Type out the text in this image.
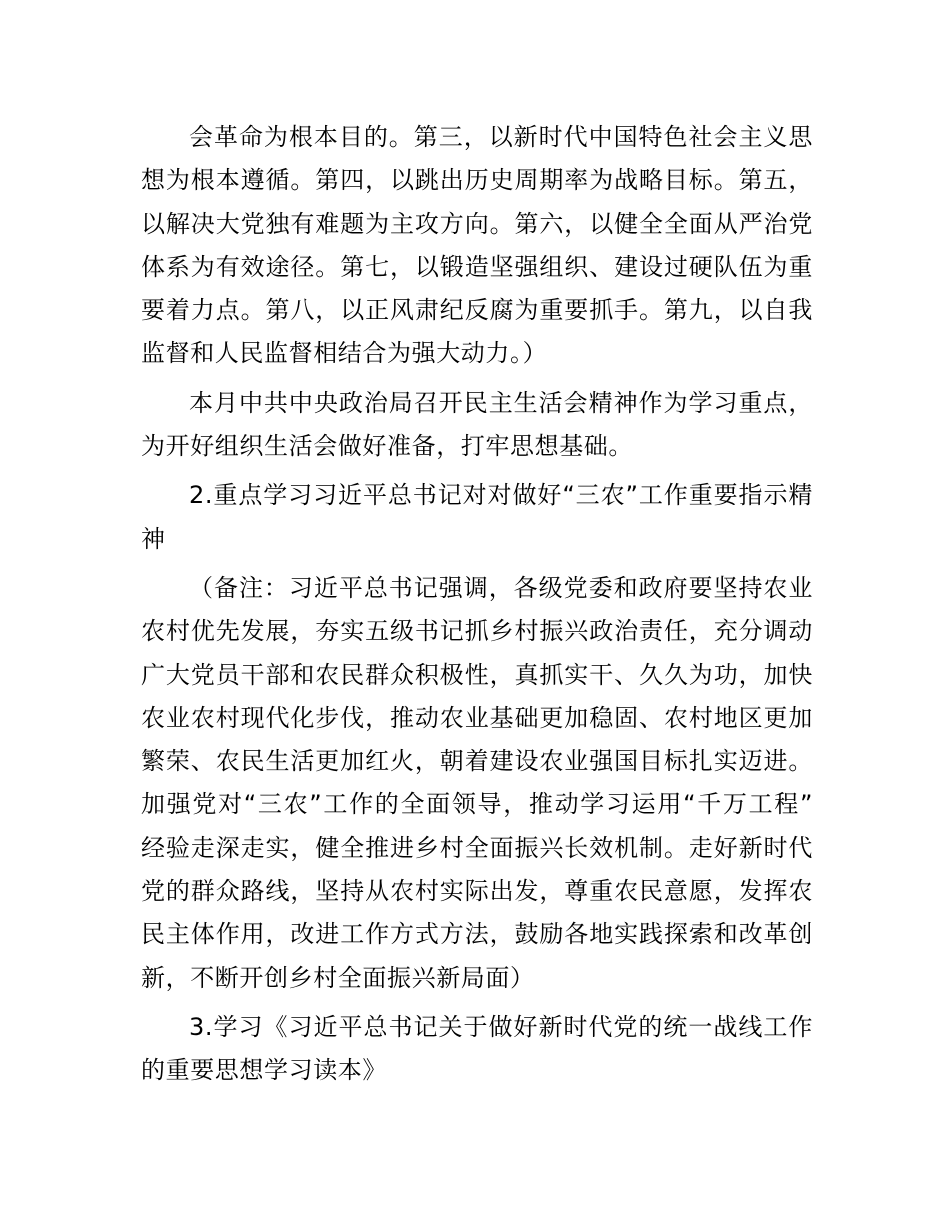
会革命为根本目的。第三，以新时代中国特色社会主义思
想为根本遵循。第四，以跳出历史周期率为战略目标。第五，
以解决大党独有难题为主攻方向。第六，以健全全面从严治党
体系为有效途径。第七，以锻造坚强组织、建设过硬队伍为重
要着力点。第八，以正风肃纪反腐为重要抓手。第九，以自我
监督和人民监督相结合为强大动力。）
本月中共中央政治局召开民主生活会精神作为学习重点，
为开好组织生活会做好准备，打牢思想基础。
2.重点学习习近平总书记对对做好“三农”工作重要指示精
神
（备注：习近平总书记强调，各级党委和政府要坚持农业
农村优先发展，夯实五级书记抓乡村振兴政治责任，充分调动
广大党员干部和农民群众积极性，真抓实干、久久为功，加快
农业农村现代化步伐，推动农业基础更加稳固、农村地区更加
繁荣、农民生活更加红火，朝着建设农业强国目标扎实迈进。
加强党对“三农”工作的全面领导，推动学习运用“千万工程”
经验走深走实，健全推进乡村全面振兴长效机制。走好新时代
党的群众路线，坚持从农村实际出发，尊重农民意愿，发挥农
民主体作用，改进工作方式方法，鼓励各地实践探索和改革创
新，不断开创乡村全面振兴新局面）
3.学习《习近平总书记关于做好新时代党的统一战线工作
的重要思想学习读本》
